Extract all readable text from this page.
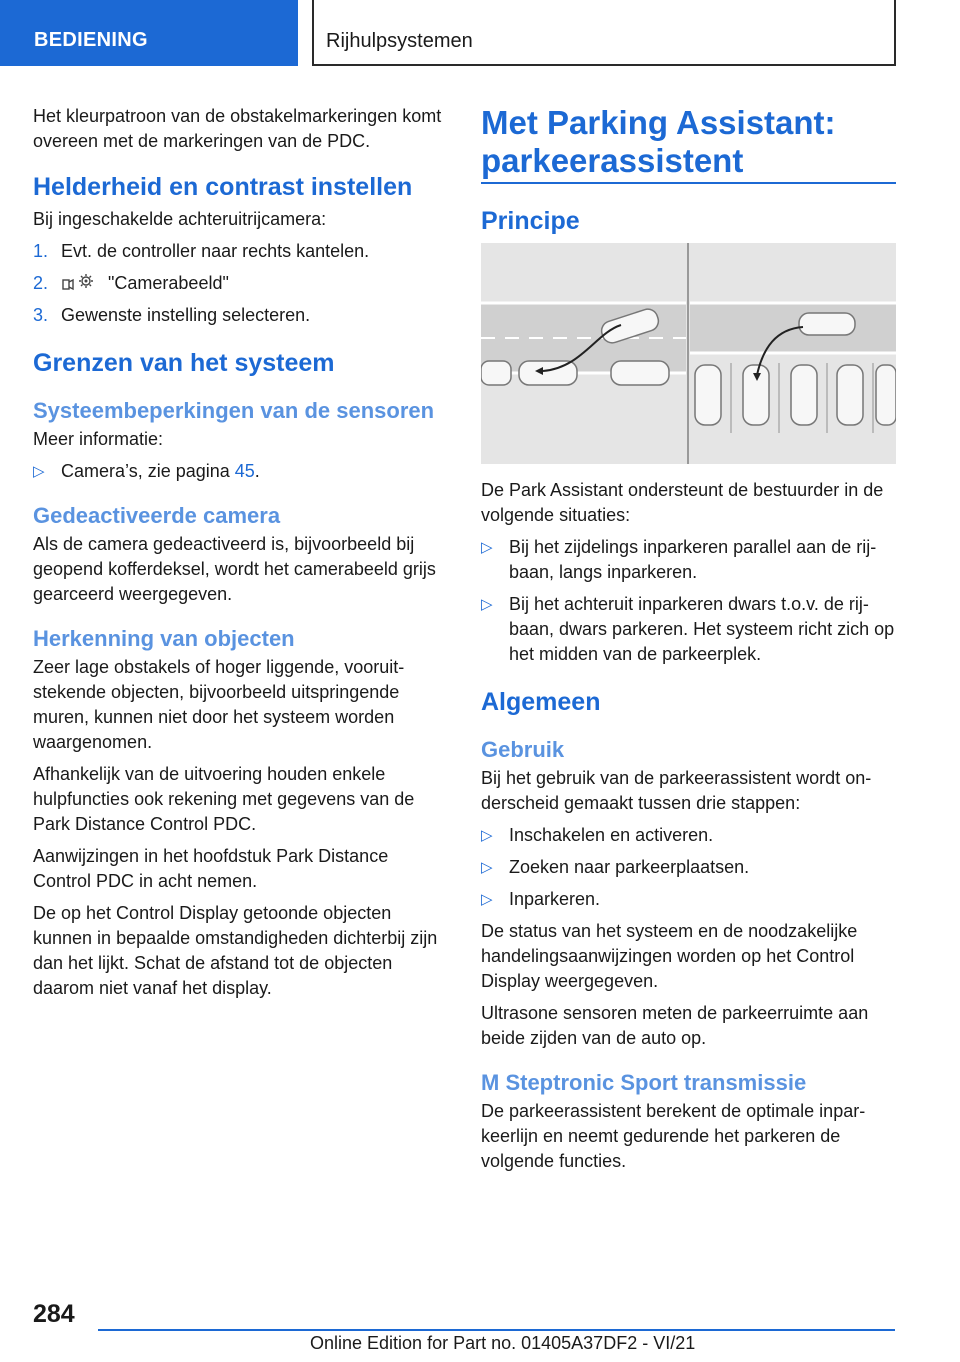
BEDIENING	Rijhulpsystemen

Het kleurpatroon van de obstakelmarkeringen komt overeen met de markeringen van de PDC.

Helderheid en contrast instellen

Bij ingeschakelde achteruitrijcamera:

1. Evt. de controller naar rechts kantelen.
2.	"Camerabeeld"
3. Gewenste instelling selecteren.
Grenzen van het systeem
Systeembeperkingen van de sensoren

Meer informatie:

▷ Camera’s, zie pagina 45.
Gedeactiveerde camera

Als de camera gedeactiveerd is, bijvoorbeeld bij geopend kofferdeksel, wordt het camerabeeld grijs gearceerd weergegeven.

Herkenning van objecten

Zeer lage obstakels of hoger liggende, vooruitstekende objecten, bijvoorbeeld uitspringende muren, kunnen niet door het systeem worden waargenomen.

Afhankelijk van de uitvoering houden enkele hulpfuncties ook rekening met gegevens van de Park Distance Control PDC.

Aanwijzingen in het hoofdstuk Park Distance Control PDC in acht nemen.

De op het Control Display getoonde objecten kunnen in bepaalde omstandigheden dichterbij zijn dan het lijkt. Schat de afstand tot de objecten daarom niet vanaf het display.

Met Parking Assistant: parkeerassistent
Principe

De Park Assistant ondersteunt de bestuurder in de volgende situaties:

▷ Bij het zijdelings inparkeren parallel aan de rijbaan, langs inparkeren.
▷ Bij het achteruit inparkeren dwars t.o.v. de rijbaan, dwars parkeren. Het systeem richt zich op het midden van de parkeerplek.
Algemeen
Gebruik

Bij het gebruik van de parkeerassistent wordt onderscheid gemaakt tussen drie stappen:

▷ Inschakelen en activeren.
▷ Zoeken naar parkeerplaatsen.
▷ Inparkeren.

De status van het systeem en de noodzakelijke handelingsaanwijzingen worden op het Control Display weergegeven.

Ultrasone sensoren meten de parkeerruimte aan beide zijden van de auto op.

M Steptronic Sport transmissie

De parkeerassistent berekent de optimale inparkeerlijn en neemt gedurende het parkeren de volgende functies.

284
Online Edition for Part no. 01405A37DF2 - VI/21
